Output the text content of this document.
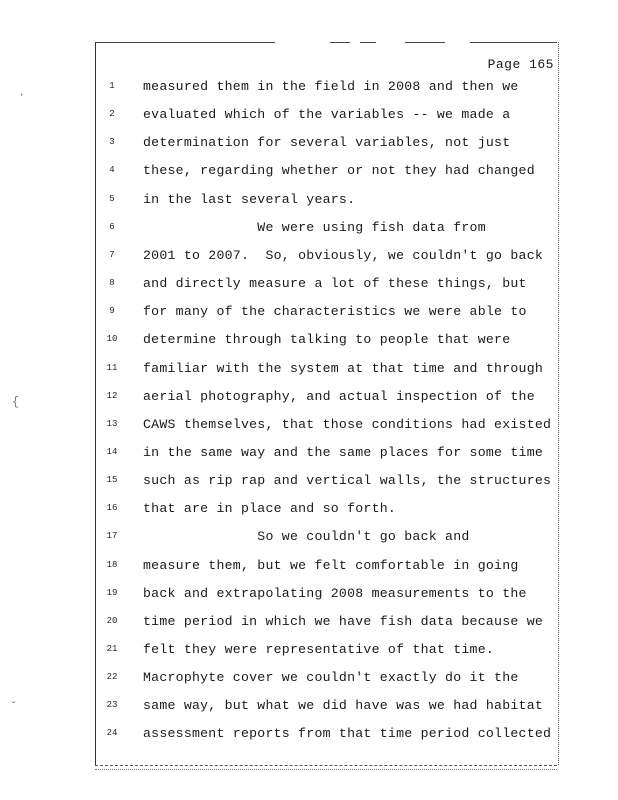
·
{
ˇ
Page 165
1	measured them in the field in 2008 and then we
2	evaluated which of the variables -- we made a
3	determination for several variables, not just
4	these, regarding whether or not they had changed
5	in the last several years.
6	We were using fish data from
7	2001 to 2007.  So, obviously, we couldn't go back
8	and directly measure a lot of these things, but
9	for many of the characteristics we were able to
10	determine through talking to people that were
11	familiar with the system at that time and through
12	aerial photography, and actual inspection of the
13	CAWS themselves, that those conditions had existed
14	in the same way and the same places for some time
15	such as rip rap and vertical walls, the structures
16	that are in place and so forth.
17	So we couldn't go back and
18	measure them, but we felt comfortable in going
19	back and extrapolating 2008 measurements to the
20	time period in which we have fish data because we
21	felt they were representative of that time.
22	Macrophyte cover we couldn't exactly do it the
23	same way, but what we did have was we had habitat
24	assessment reports from that time period collected
